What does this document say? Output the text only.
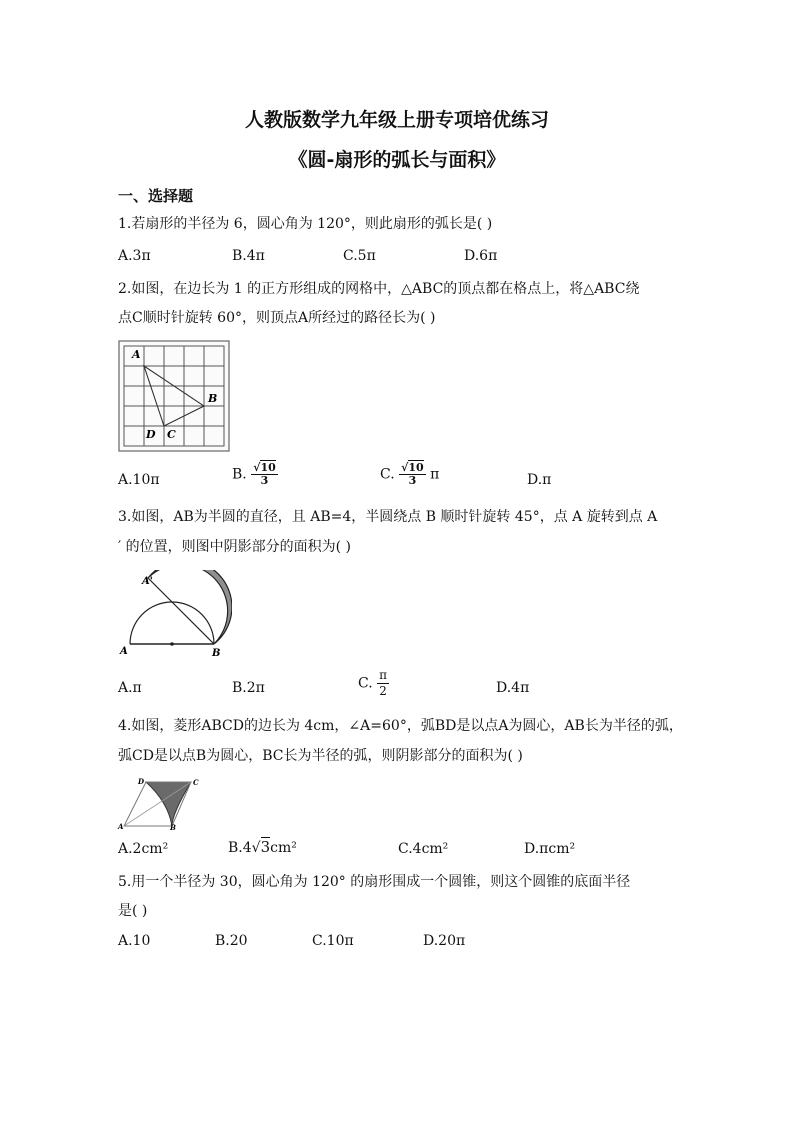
人教版数学九年级上册专项培优练习
《圆-扇形的弧长与面积》
一、选择题
1.若扇形的半径为 6，圆心角为 120°，则此扇形的弧长是( )
A.3π	B.4π	C.5π	D.6π
2.如图，在边长为 1 的正方形组成的网格中，△ABC的顶点都在格点上，将△ABC绕
点C顺时针旋转 60°，则顶点A所经过的路径长为( )
A
B
C
D
A.10π	B. $\frac{√10}{3}$	C. $\frac{√10}{3}$ π	D.π
3.如图，AB为半圆的直径，且 AB=4，半圆绕点 B 顺时针旋转 45°，点 A 旋转到点 A
′ 的位置，则图中阴影部分的面积为( )
A'
A	B
A.π	B.2π	C. $\frac{\pi}{2}$	D.4π
4.如图，菱形ABCD的边长为 4cm，∠A=60°，弧BD是以点A为圆心，AB长为半径的弧，
弧CD是以点B为圆心，BC长为半径的弧，则阴影部分的面积为( )
D	C
A	B
A.2cm²	B.4√3cm²	C.4cm²	D.πcm²
5.用一个半径为 30，圆心角为 120° 的扇形围成一个圆锥，则这个圆锥的底面半径
是( )
A.10	B.20	C.10π	D.20π
